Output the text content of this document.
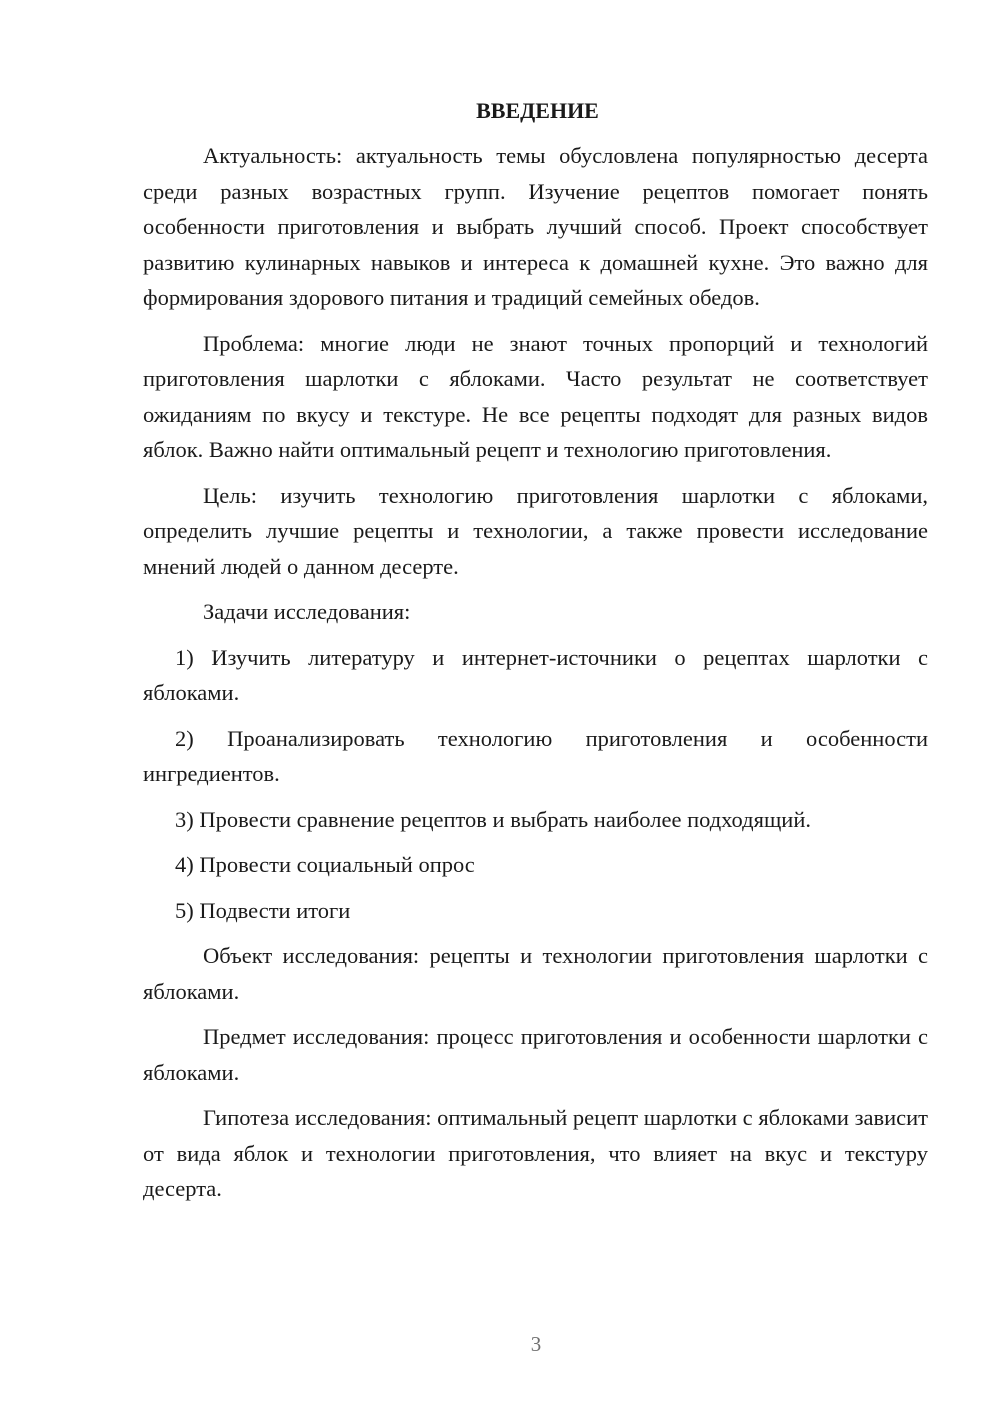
ВВЕДЕНИЕ

Актуальность: актуальность темы обусловлена популярностью десерта среди разных возрастных групп. Изучение рецептов помогает понять особенности приготовления и выбрать лучший способ. Проект способствует развитию кулинарных навыков и интереса к домашней кухне. Это важно для формирования здорового питания и традиций семейных обедов.

Проблема: многие люди не знают точных пропорций и технологий приготовления шарлотки с яблоками. Часто результат не соответствует ожиданиям по вкусу и текстуре. Не все рецепты подходят для разных видов яблок. Важно найти оптимальный рецепт и технологию приготовления.

Цель: изучить технологию приготовления шарлотки с яблоками, определить лучшие рецепты и технологии, а также провести исследование мнений людей о данном десерте.

Задачи исследования:

1) Изучить литературу и интернет-источники о рецептах шарлотки с яблоками.

2) Проанализировать технологию приготовления и особенности ингредиентов.

3) Провести сравнение рецептов и выбрать наиболее подходящий.

4) Провести социальный опрос

5) Подвести итоги

Объект исследования: рецепты и технологии приготовления шарлотки с яблоками.

Предмет исследования: процесс приготовления и особенности шарлотки с яблоками.

Гипотеза исследования: оптимальный рецепт шарлотки с яблоками зависит от вида яблок и технологии приготовления, что влияет на вкус и текстуру десерта.

3
